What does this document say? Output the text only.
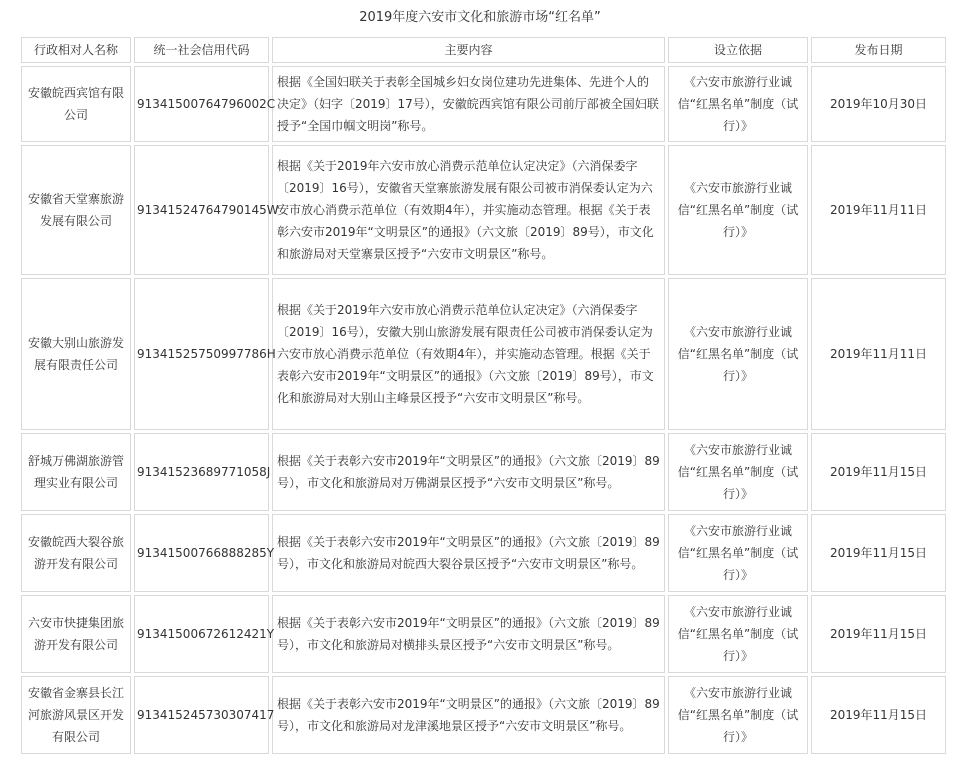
2019年度六安市文化和旅游市场“红名单”
行政相对人名称	统一社会信用代码	主要内容	设立依据	发布日期
安徽皖西宾馆有限公司	91341500764796002C	根据《全国妇联关于表彰全国城乡妇女岗位建功先进集体、先进个人的决定》（妇字〔2019〕17号），安徽皖西宾馆有限公司前厅部被全国妇联授予“全国巾帼文明岗”称号。	《六安市旅游行业诚信“红黑名单”制度（试行）》	2019年10月30日
安徽省天堂寨旅游发展有限公司	91341524764790145W	根据《关于2019年六安市放心消费示范单位认定决定》（六消保委字〔2019〕16号），安徽省天堂寨旅游发展有限公司被市消保委认定为六安市放心消费示范单位（有效期4年），并实施动态管理。根据《关于表彰六安市2019年“文明景区”的通报》（六文旅〔2019〕89号），市文化和旅游局对天堂寨景区授予“六安市文明景区”称号。	《六安市旅游行业诚信“红黑名单”制度（试行）》	2019年11月11日
安徽大别山旅游发展有限责任公司	91341525750997786H	根据《关于2019年六安市放心消费示范单位认定决定》（六消保委字〔2019〕16号），安徽大别山旅游发展有限责任公司被市消保委认定为六安市放心消费示范单位（有效期4年），并实施动态管理。根据《关于表彰六安市2019年“文明景区”的通报》（六文旅〔2019〕89号），市文化和旅游局对大别山主峰景区授予“六安市文明景区”称号。	《六安市旅游行业诚信“红黑名单”制度（试行）》	2019年11月11日
舒城万佛湖旅游管理实业有限公司	91341523689771058J	根据《关于表彰六安市2019年“文明景区”的通报》（六文旅〔2019〕89号），市文化和旅游局对万佛湖景区授予“六安市文明景区”称号。	《六安市旅游行业诚信“红黑名单”制度（试行）》	2019年11月15日
安徽皖西大裂谷旅游开发有限公司	91341500766888285Y	根据《关于表彰六安市2019年“文明景区”的通报》（六文旅〔2019〕89号），市文化和旅游局对皖西大裂谷景区授予“六安市文明景区”称号。	《六安市旅游行业诚信“红黑名单”制度（试行）》	2019年11月15日
六安市快捷集团旅游开发有限公司	91341500672612421Y	根据《关于表彰六安市2019年“文明景区”的通报》（六文旅〔2019〕89号），市文化和旅游局对横排头景区授予“六安市文明景区”称号。	《六安市旅游行业诚信“红黑名单”制度（试行）》	2019年11月15日
安徽省金寨县长江河旅游风景区开发有限公司	913415245730307417	根据《关于表彰六安市2019年“文明景区”的通报》（六文旅〔2019〕89号），市文化和旅游局对龙津溪地景区授予“六安市文明景区”称号。	《六安市旅游行业诚信“红黑名单”制度（试行）》	2019年11月15日
